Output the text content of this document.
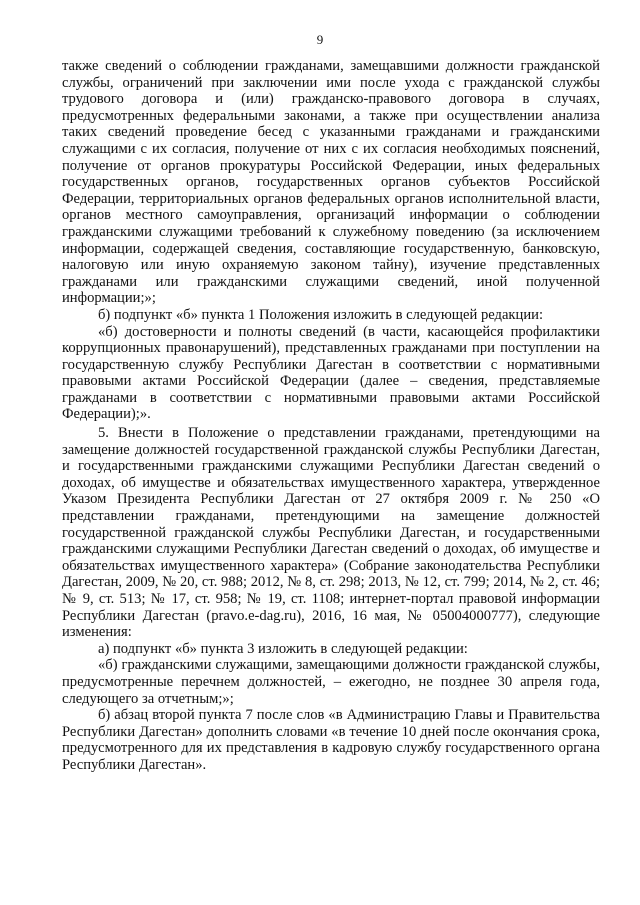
9

также сведений о соблюдении гражданами, замещавшими должности гражданской службы, ограничений при заключении ими после ухода с гражданской службы трудового договора и (или) гражданско-правового договора в случаях, предусмотренных федеральными законами, а также при осуществлении анализа таких сведений проведение бесед с указанными гражданами и гражданскими служащими с их согласия, получение от них с их согласия необходимых пояснений, получение от органов прокуратуры Российской Федерации, иных федеральных государственных органов, государственных органов субъектов Российской Федерации, территориальных органов федеральных органов исполнительной власти, органов местного самоуправления, организаций информации о соблюдении гражданскими служащими требований к служебному поведению (за исключением информации, содержащей сведения, составляющие государственную, банковскую, налоговую или иную охраняемую законом тайну), изучение представленных гражданами или гражданскими служащими сведений, иной полученной информации;»;

б) подпункт «б» пункта 1 Положения изложить в следующей редакции:

«б) достоверности и полноты сведений (в части, касающейся профилактики коррупционных правонарушений), представленных гражданами при поступлении на государственную службу Республики Дагестан в соответствии с нормативными правовыми актами Российской Федерации (далее – сведения, представляемые гражданами в соответствии с нормативными правовыми актами Российской Федерации);».

5. Внести в Положение о представлении гражданами, претендующими на замещение должностей государственной гражданской службы Республики Дагестан, и государственными гражданскими служащими Республики Дагестан сведений о доходах, об имуществе и обязательствах имущественного характера, утвержденное Указом Президента Республики Дагестан от 27 октября 2009 г. № 250 «О представлении гражданами, претендующими на замещение должностей государственной гражданской службы Республики Дагестан, и государственными гражданскими служащими Республики Дагестан сведений о доходах, об имуществе и обязательствах имущественного характера» (Собрание законодательства Республики Дагестан, 2009, № 20, ст. 988; 2012, № 8, ст. 298; 2013, № 12, ст. 799; 2014, № 2, ст. 46; № 9, ст. 513; № 17, ст. 958; № 19, ст. 1108; интернет-портал правовой информации Республики Дагестан (pravo.e-dag.ru), 2016, 16 мая, № 05004000777), следующие изменения:

а) подпункт «б» пункта 3 изложить в следующей редакции:

«б) гражданскими служащими, замещающими должности гражданской службы, предусмотренные перечнем должностей, – ежегодно, не позднее 30 апреля года, следующего за отчетным;»;

б) абзац второй пункта 7 после слов «в Администрацию Главы и Правительства Республики Дагестан» дополнить словами «в течение 10 дней после окончания срока, предусмотренного для их представления в кадровую службу государственного органа Республики Дагестан».
